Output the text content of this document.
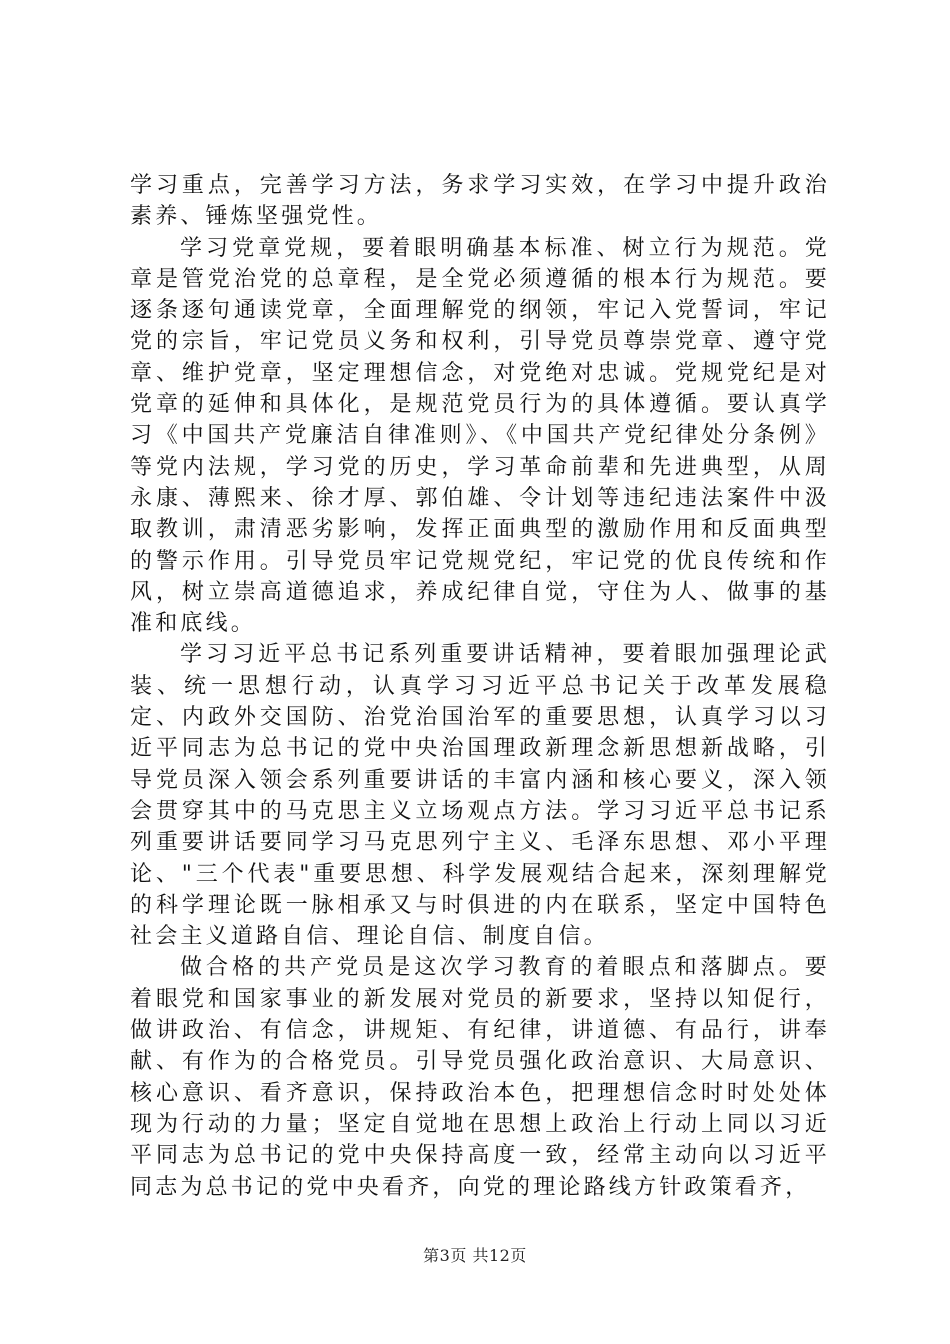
学习重点，完善学习方法，务求学习实效，在学习中提升政治素养、锤炼坚强党性。

学习党章党规，要着眼明确基本标准、树立行为规范。党章是管党治党的总章程，是全党必须遵循的根本行为规范。要逐条逐句通读党章，全面理解党的纲领，牢记入党誓词，牢记党的宗旨，牢记党员义务和权利，引导党员尊崇党章、遵守党章、维护党章，坚定理想信念，对党绝对忠诚。党规党纪是对党章的延伸和具体化，是规范党员行为的具体遵循。要认真学习《中国共产党廉洁自律准则》、《中国共产党纪律处分条例》等党内法规，学习党的历史，学习革命前辈和先进典型，从周永康、薄熙来、徐才厚、郭伯雄、令计划等违纪违法案件中汲取教训，肃清恶劣影响，发挥正面典型的激励作用和反面典型的警示作用。引导党员牢记党规党纪，牢记党的优良传统和作风，树立崇高道德追求，养成纪律自觉，守住为人、做事的基准和底线。

学习习近平总书记系列重要讲话精神，要着眼加强理论武装、统一思想行动，认真学习习近平总书记关于改革发展稳定、内政外交国防、治党治国治军的重要思想，认真学习以习近平同志为总书记的党中央治国理政新理念新思想新战略，引导党员深入领会系列重要讲话的丰富内涵和核心要义，深入领会贯穿其中的马克思主义立场观点方法。学习习近平总书记系列重要讲话要同学习马克思列宁主义、毛泽东思想、邓小平理论、"三个代表"重要思想、科学发展观结合起来，深刻理解党的科学理论既一脉相承又与时俱进的内在联系，坚定中国特色社会主义道路自信、理论自信、制度自信。

做合格的共产党员是这次学习教育的着眼点和落脚点。要着眼党和国家事业的新发展对党员的新要求，坚持以知促行，做讲政治、有信念，讲规矩、有纪律，讲道德、有品行，讲奉献、有作为的合格党员。引导党员强化政治意识、大局意识、核心意识、看齐意识，保持政治本色，把理想信念时时处处体现为行动的力量；坚定自觉地在思想上政治上行动上同以习近平同志为总书记的党中央保持高度一致，经常主动向以习近平同志为总书记的党中央看齐，向党的理论路线方针政策看齐，

第3页 共12页
